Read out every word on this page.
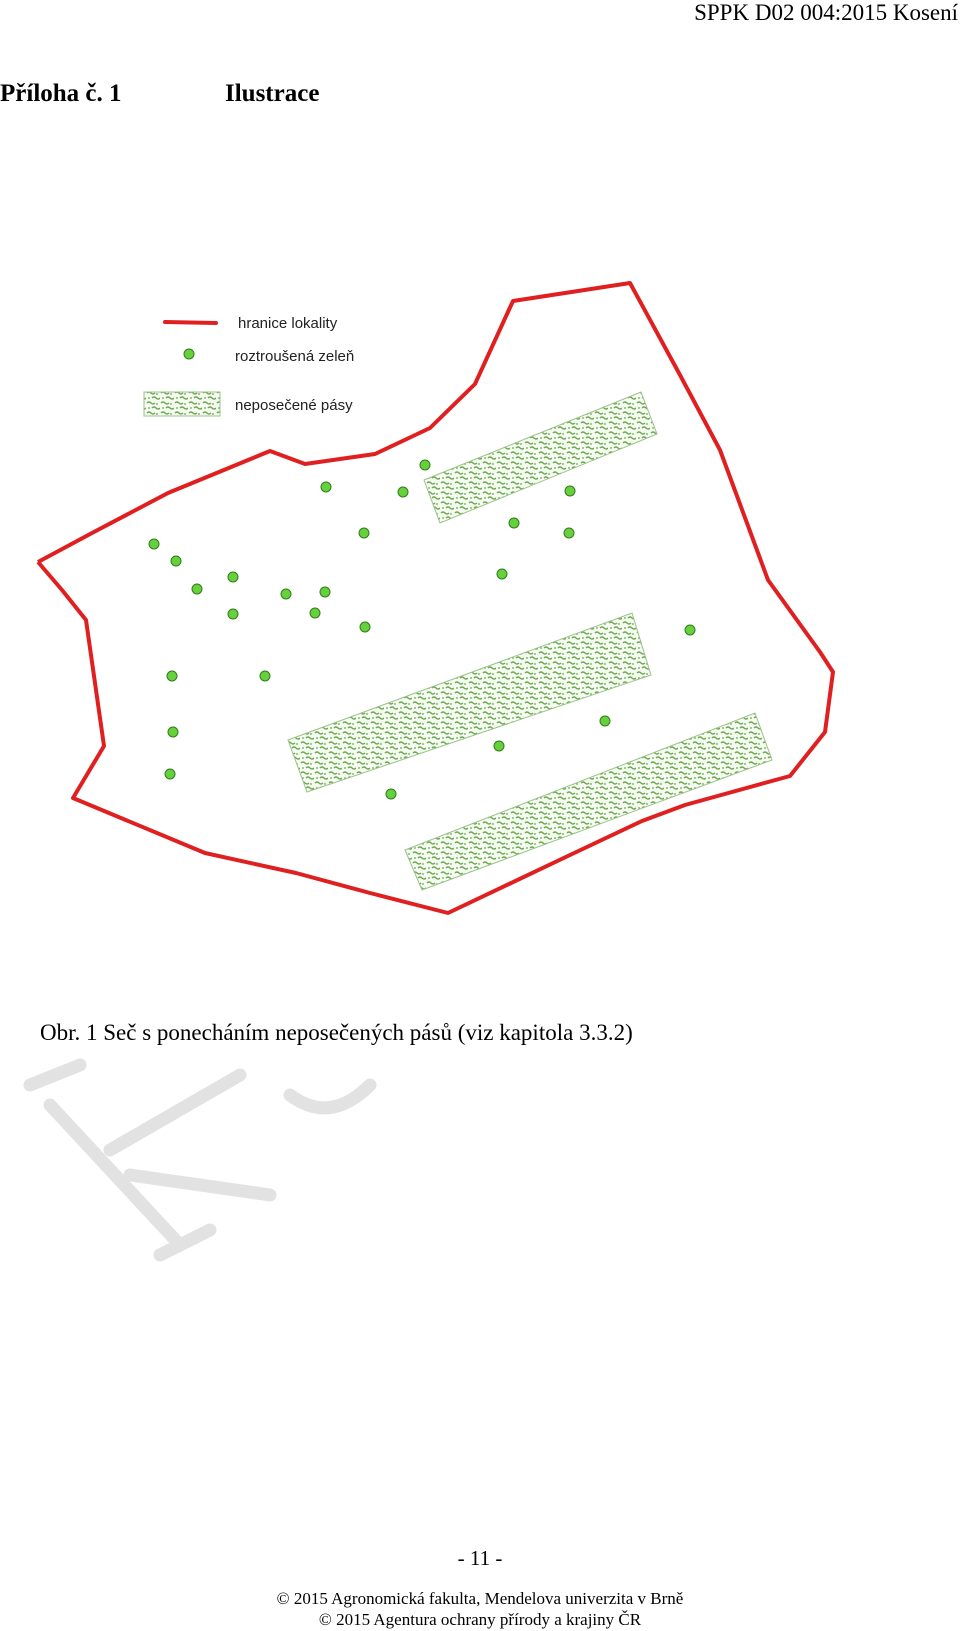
SPPK D02 004:2015 Kosení
Příloha č. 1	Ilustrace
hranice lokality
roztroušená zeleň
neposečené pásy
Obr. 1 Seč s ponecháním neposečených pásů (viz kapitola 3.3.2)
- 11 -
© 2015 Agronomická fakulta, Mendelova univerzita v Brně
© 2015 Agentura ochrany přírody a krajiny ČR
